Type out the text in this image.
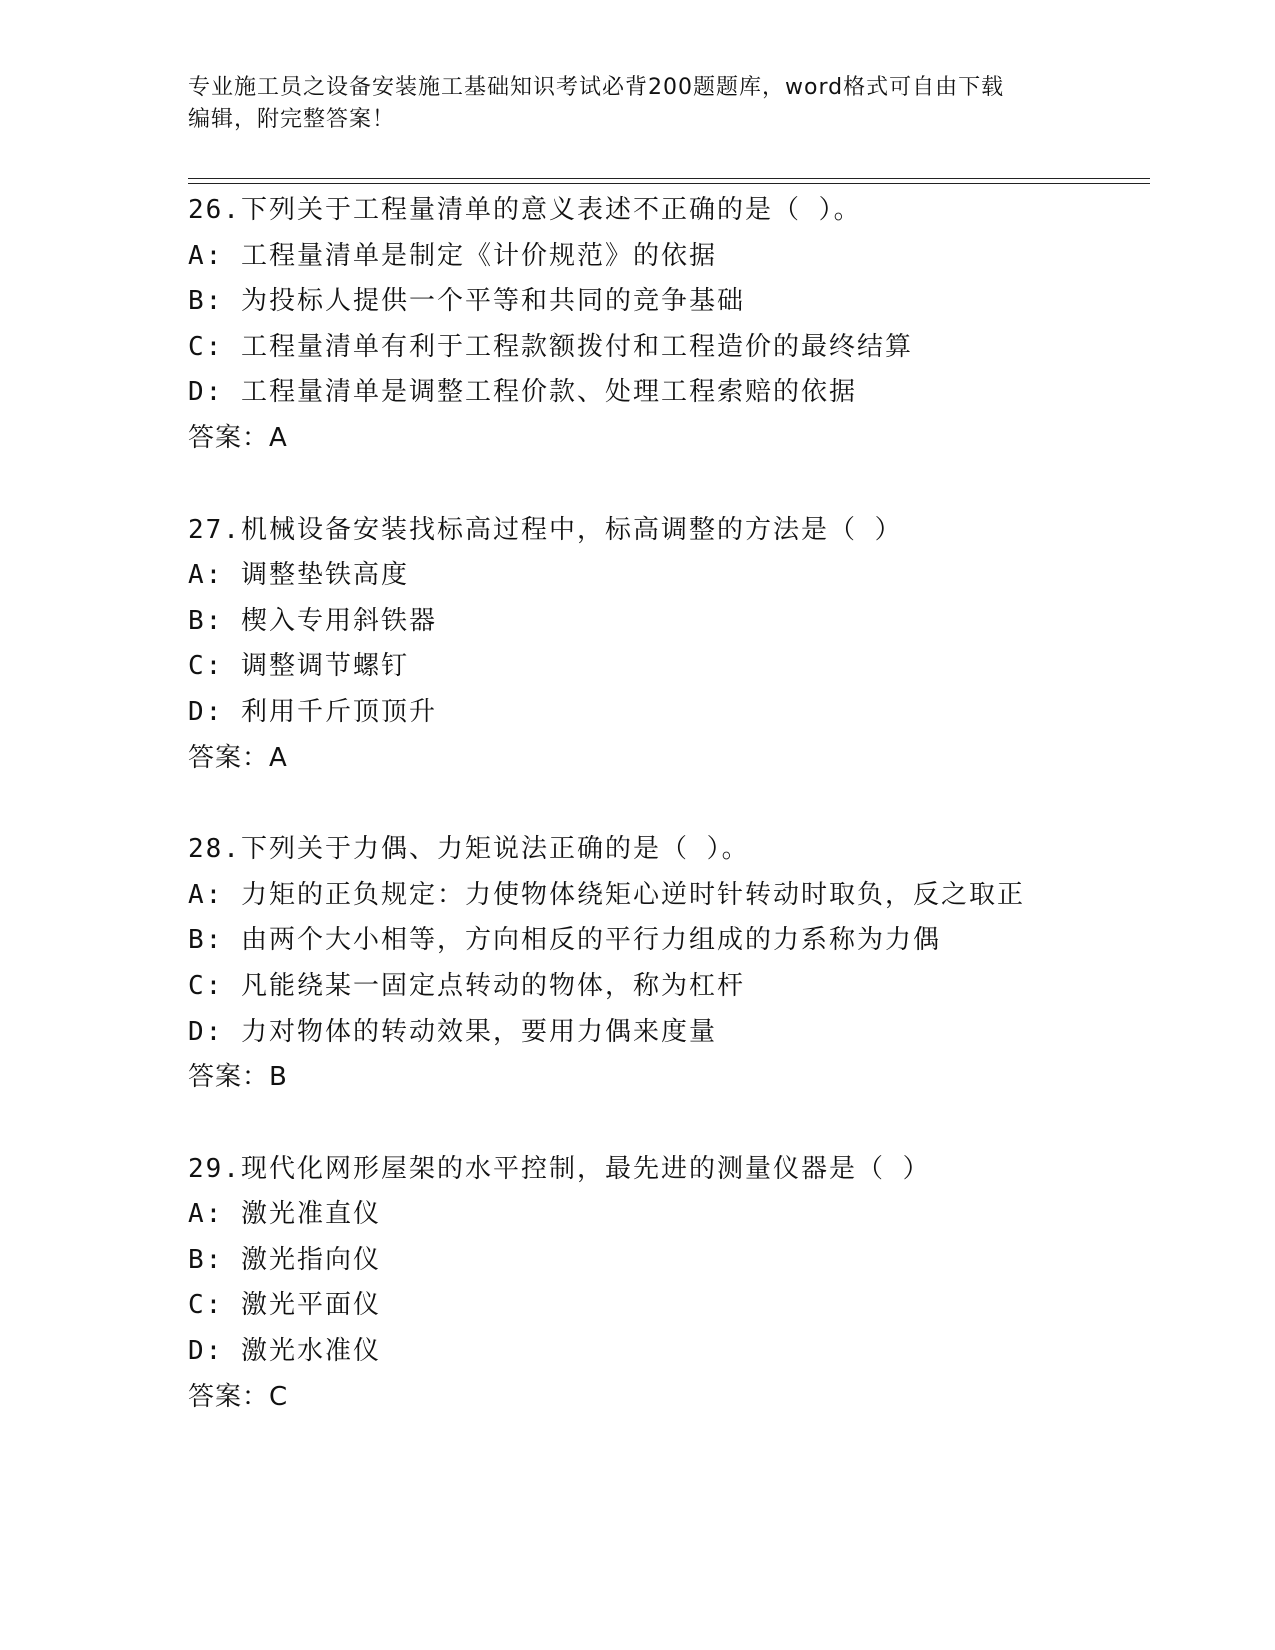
专业施工员之设备安装施工基础知识考试必背200题题库，word格式可自由下载
编辑，附完整答案！
26.下列关于工程量清单的意义表述不正确的是（ ）。
A: 工程量清单是制定《计价规范》的依据
B: 为投标人提供一个平等和共同的竞争基础
C: 工程量清单有利于工程款额拨付和工程造价的最终结算
D: 工程量清单是调整工程价款、处理工程索赔的依据
答案：A
27.机械设备安装找标高过程中，标高调整的方法是（ ）
A: 调整垫铁高度
B: 楔入专用斜铁器
C: 调整调节螺钉
D: 利用千斤顶顶升
答案：A
28.下列关于力偶、力矩说法正确的是（ ）。
A: 力矩的正负规定：力使物体绕矩心逆时针转动时取负，反之取正
B: 由两个大小相等，方向相反的平行力组成的力系称为力偶
C: 凡能绕某一固定点转动的物体，称为杠杆
D: 力对物体的转动效果，要用力偶来度量
答案：B
29.现代化网形屋架的水平控制，最先进的测量仪器是（ ）
A: 激光准直仪
B: 激光指向仪
C: 激光平面仪
D: 激光水准仪
答案：C
